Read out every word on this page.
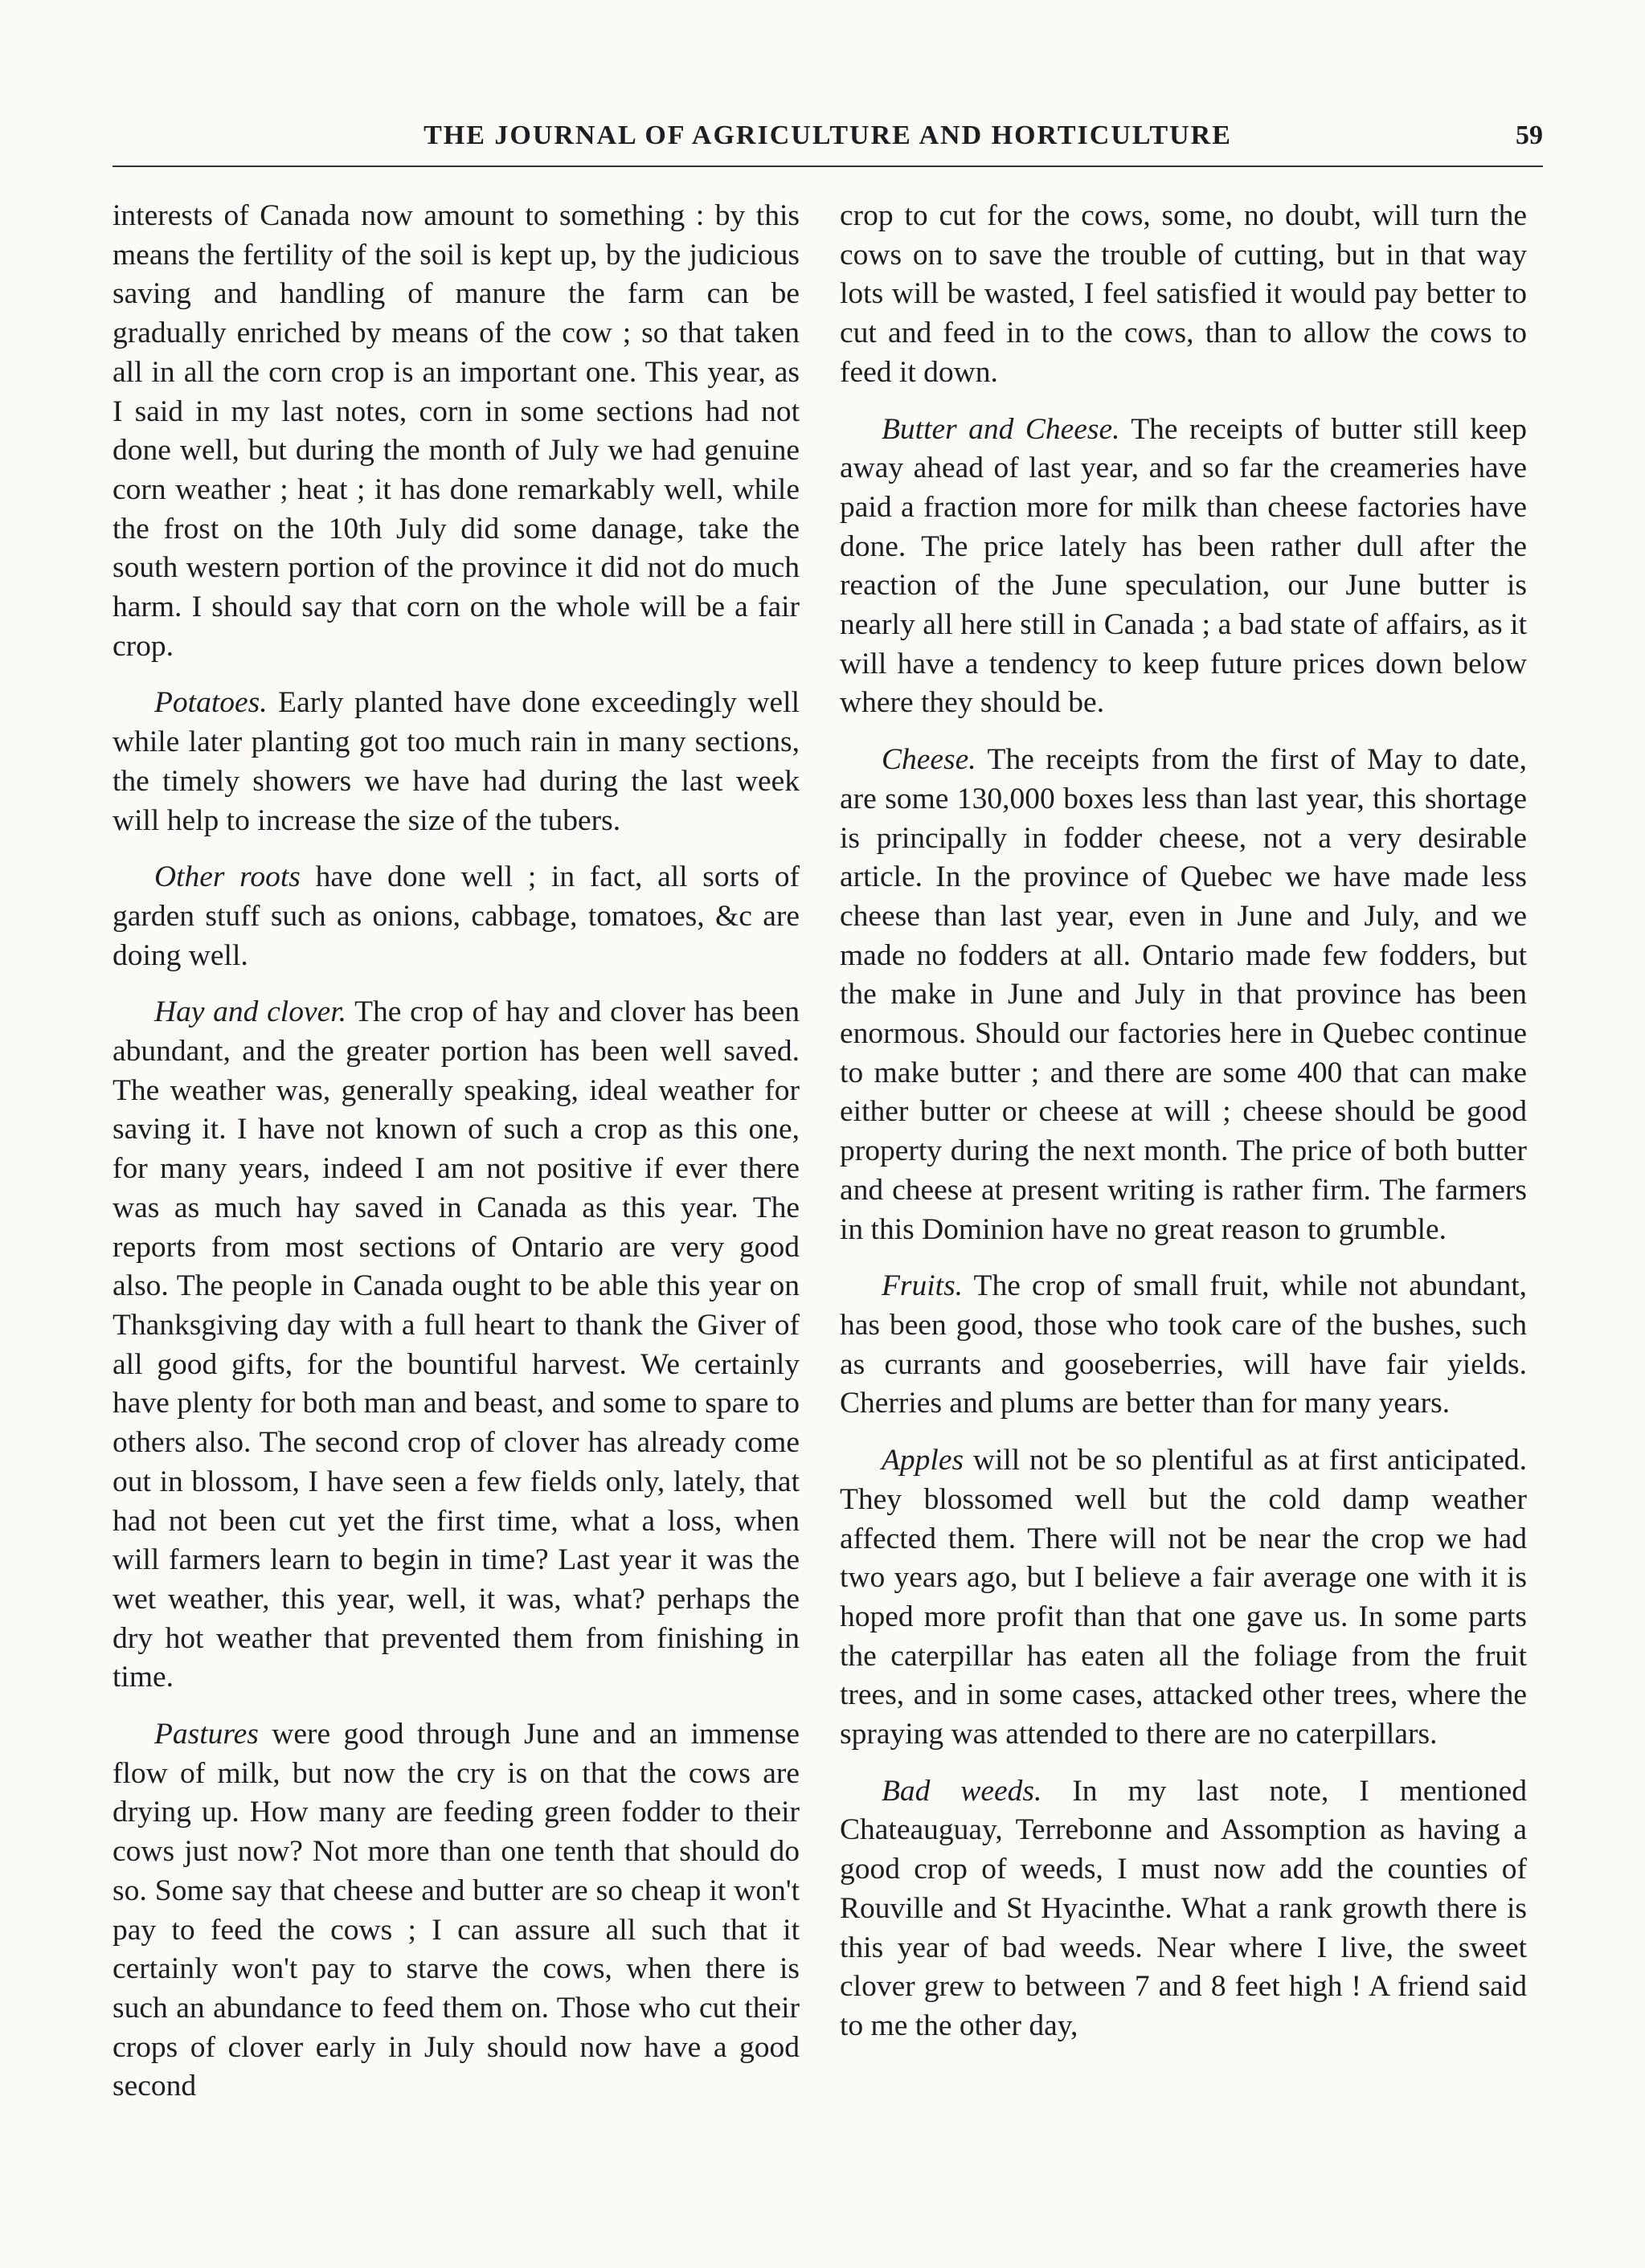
THE JOURNAL OF AGRICULTURE AND HORTICULTURE	59

interests of Canada now amount to something : by this means the fertility of the soil is kept up, by the judicious saving and handling of manure the farm can be gradually enriched by means of the cow ; so that taken all in all the corn crop is an important one. This year, as I said in my last notes, corn in some sections had not done well, but during the month of July we had genuine corn weather ; heat ; it has done remarkably well, while the frost on the 10th July did some danage, take the south western portion of the province it did not do much harm. I should say that corn on the whole will be a fair crop.

Potatoes. Early planted have done exceedingly well while later planting got too much rain in many sections, the timely showers we have had during the last week will help to increase the size of the tubers.

Other roots have done well ; in fact, all sorts of garden stuff such as onions, cabbage, tomatoes, &c are doing well.

Hay and clover. The crop of hay and clover has been abundant, and the greater portion has been well saved. The weather was, generally speaking, ideal weather for saving it. I have not known of such a crop as this one, for many years, indeed I am not positive if ever there was as much hay saved in Canada as this year. The reports from most sections of Ontario are very good also. The people in Canada ought to be able this year on Thanksgiving day with a full heart to thank the Giver of all good gifts, for the bountiful harvest. We certainly have plenty for both man and beast, and some to spare to others also. The second crop of clover has already come out in blossom, I have seen a few fields only, lately, that had not been cut yet the first time, what a loss, when will farmers learn to begin in time? Last year it was the wet weather, this year, well, it was, what? perhaps the dry hot weather that prevented them from finishing in time.

Pastures were good through June and an immense flow of milk, but now the cry is on that the cows are drying up. How many are feeding green fodder to their cows just now? Not more than one tenth that should do so. Some say that cheese and butter are so cheap it won't pay to feed the cows ; I can assure all such that it certainly won't pay to starve the cows, when there is such an abundance to feed them on. Those who cut their crops of clover early in July should now have a good second

crop to cut for the cows, some, no doubt, will turn the cows on to save the trouble of cutting, but in that way lots will be wasted, I feel satisfied it would pay better to cut and feed in to the cows, than to allow the cows to feed it down.

Butter and Cheese. The receipts of butter still keep away ahead of last year, and so far the creameries have paid a fraction more for milk than cheese factories have done. The price lately has been rather dull after the reaction of the June speculation, our June butter is nearly all here still in Canada ; a bad state of affairs, as it will have a tendency to keep future prices down below where they should be.

Cheese. The receipts from the first of May to date, are some 130,000 boxes less than last year, this shortage is principally in fodder cheese, not a very desirable article. In the province of Quebec we have made less cheese than last year, even in June and July, and we made no fodders at all. Ontario made few fodders, but the make in June and July in that province has been enormous. Should our factories here in Quebec continue to make butter ; and there are some 400 that can make either butter or cheese at will ; cheese should be good property during the next month. The price of both butter and cheese at present writing is rather firm. The farmers in this Dominion have no great reason to grumble.

Fruits. The crop of small fruit, while not abundant, has been good, those who took care of the bushes, such as currants and gooseberries, will have fair yields. Cherries and plums are better than for many years.

Apples will not be so plentiful as at first anticipated. They blossomed well but the cold damp weather affected them. There will not be near the crop we had two years ago, but I believe a fair average one with it is hoped more profit than that one gave us. In some parts the caterpillar has eaten all the foliage from the fruit trees, and in some cases, attacked other trees, where the spraying was attended to there are no caterpillars.

Bad weeds. In my last note, I mentioned Chateauguay, Terrebonne and Assomption as having a good crop of weeds, I must now add the counties of Rouville and St Hyacinthe. What a rank growth there is this year of bad weeds. Near where I live, the sweet clover grew to between 7 and 8 feet high ! A friend said to me the other day,
